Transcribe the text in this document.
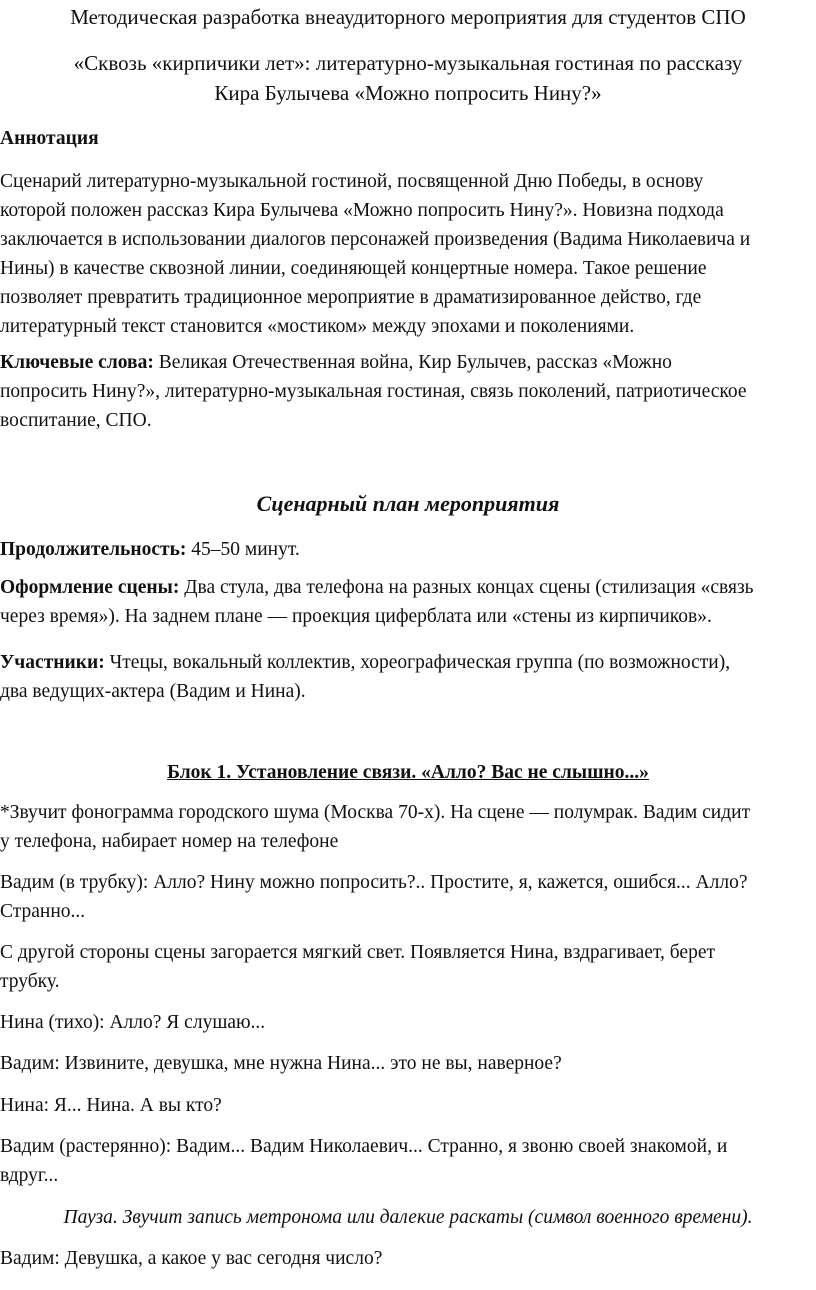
Методическая разработка внеаудиторного мероприятия для студентов СПО
«Сквозь «кирпичики лет»: литературно-музыкальная гостиная по рассказу
Кира Булычева «Можно попросить Нину?»
Аннотация
Сценарий литературно-музыкальной гостиной, посвященной Дню Победы, в основу
которой положен рассказ Кира Булычева «Можно попросить Нину?». Новизна подхода
заключается в использовании диалогов персонажей произведения (Вадима Николаевича и
Нины) в качестве сквозной линии, соединяющей концертные номера. Такое решение
позволяет превратить традиционное мероприятие в драматизированное действо, где
литературный текст становится «мостиком» между эпохами и поколениями.
Ключевые слова: Великая Отечественная война, Кир Булычев, рассказ «Можно
попросить Нину?», литературно-музыкальная гостиная, связь поколений, патриотическое
воспитание, СПО.
Сценарный план мероприятия
Продолжительность: 45–50 минут.
Оформление сцены: Два стула, два телефона на разных концах сцены (стилизация «связь
через время»). На заднем плане — проекция циферблата или «стены из кирпичиков».
Участники: Чтецы, вокальный коллектив, хореографическая группа (по возможности),
два ведущих-актера (Вадим и Нина).
Блок 1. Установление связи. «Алло? Вас не слышно...»
*Звучит фонограмма городского шума (Москва 70-х). На сцене — полумрак. Вадим сидит
у телефона, набирает номер на телефоне
Вадим (в трубку): Алло? Нину можно попросить?.. Простите, я, кажется, ошибся... Алло?
Странно...
С другой стороны сцены загорается мягкий свет. Появляется Нина, вздрагивает, берет
трубку.
Нина (тихо): Алло? Я слушаю...
Вадим: Извините, девушка, мне нужна Нина... это не вы, наверное?
Нина: Я... Нина. А вы кто?
Вадим (растерянно): Вадим... Вадим Николаевич... Странно, я звоню своей знакомой, и
вдруг...
Пауза. Звучит запись метронома или далекие раскаты (символ военного времени).
Вадим: Девушка, а какое у вас сегодня число?
